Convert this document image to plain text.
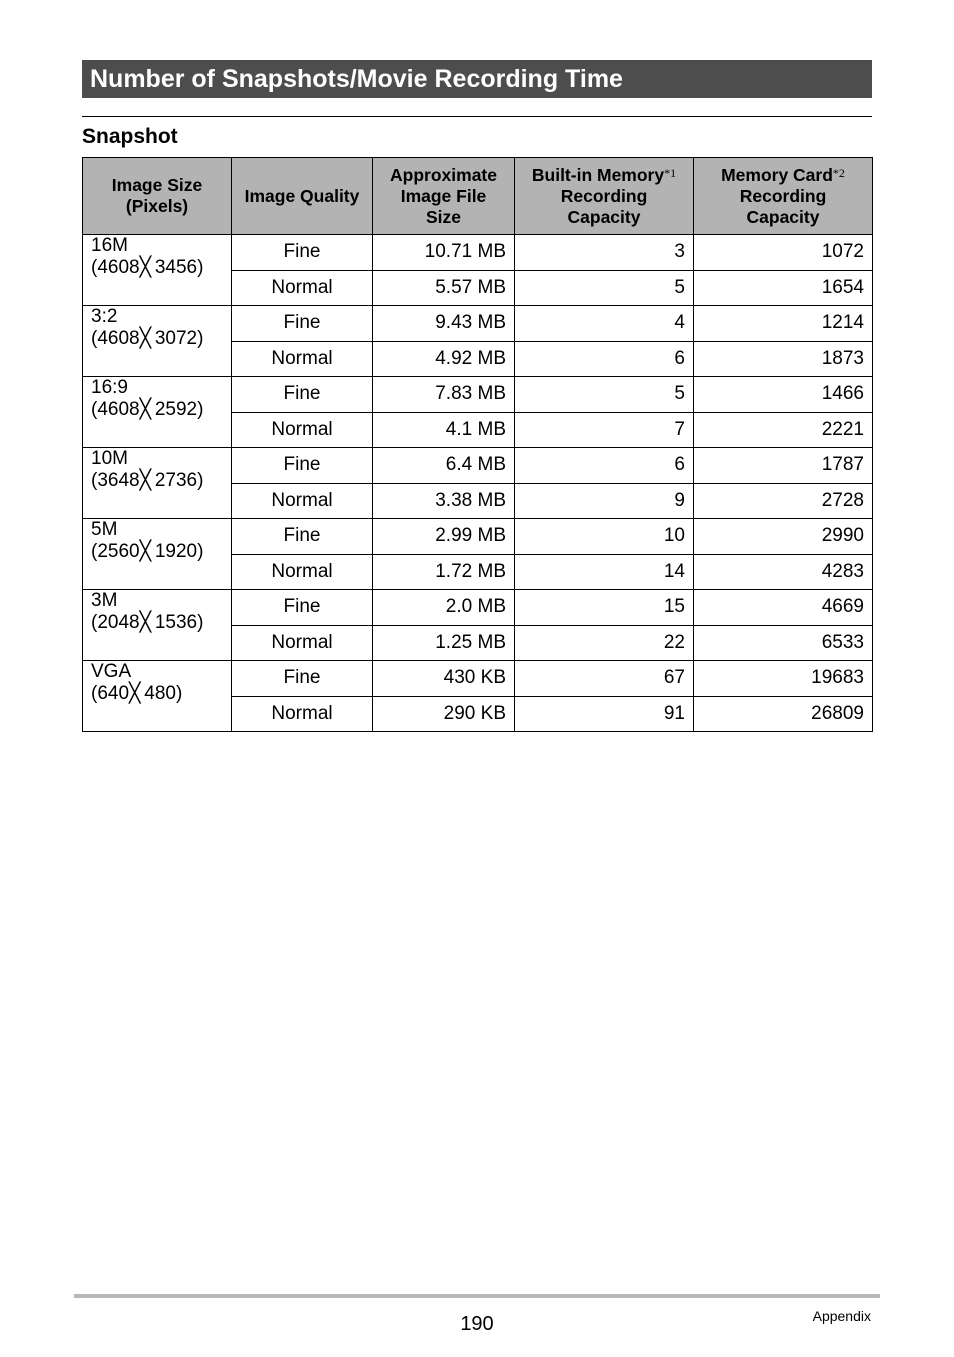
Number of Snapshots/Movie Recording Time
Snapshot
Image Size
(Pixels)	Image Quality	Approximate
Image File
Size	Built-in Memory$^{*1}$
Recording
Capacity	Memory Card$^{*2}$
Recording
Capacity
16M
(4608╳ 3456)	Fine	10.71 MB	3	1072
	Normal	5.57 MB	5	1654
3:2
(4608╳ 3072)	Fine	9.43 MB	4	1214
	Normal	4.92 MB	6	1873
16:9
(4608╳ 2592)	Fine	7.83 MB	5	1466
	Normal	4.1 MB	7	2221
10M
(3648╳ 2736)	Fine	6.4 MB	6	1787
	Normal	3.38 MB	9	2728
5M
(2560╳ 1920)	Fine	2.99 MB	10	2990
	Normal	1.72 MB	14	4283
3M
(2048╳ 1536)	Fine	2.0 MB	15	4669
	Normal	1.25 MB	22	6533
VGA
(640╳ 480)	Fine	430 KB	67	19683
	Normal	290 KB	91	26809
190	Appendix
